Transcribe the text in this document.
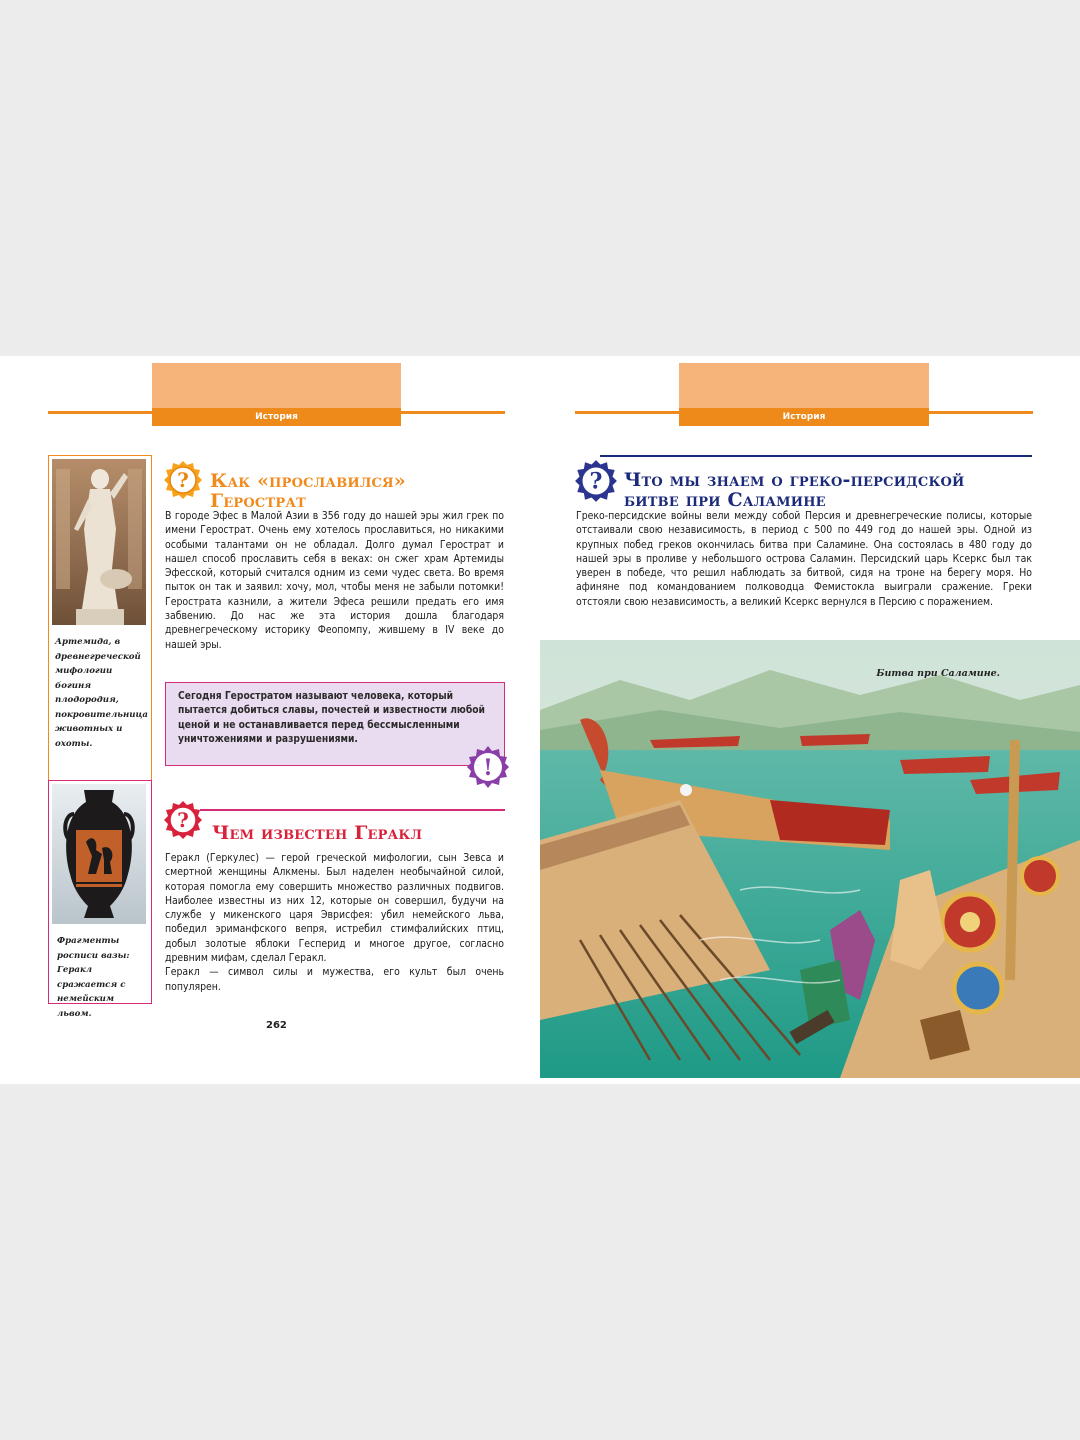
История
Артемида, в древнегреческой мифологии богиня плодородия, покровительница животных и охоты.
? Как «прославился»
Герострат
В городе Эфес в Малой Азии в 356 году до нашей эры жил грек по имени Герострат. Очень ему хотелось прославиться, но никакими особыми талантами он не обладал. Долго думал Герострат и нашел способ прославить себя в веках: он сжег храм Артемиды Эфесской, который считался одним из семи чудес света. Во время пыток он так и заявил: хочу, мол, чтобы меня не забыли потомки! Герострата казнили, а жители Эфеса решили предать его имя забвению. До нас же эта история дошла благодаря древнегреческому историку Феопомпу, жившему в IV веке до нашей эры.
Сегодня Геростратом называют человека, который пытается добиться славы, почестей и известности любой ценой и не останавливается перед бессмысленными уничтожениями и разрушениями.
!
Фрагменты росписи вазы: Геракл сражается с немейским львом.
?
Чем известен Геракл

Геракл (Геркулес) — герой греческой мифологии, сын Зевса и смертной женщины Алкмены. Был наделен необычайной силой, которая помогла ему совершить множество различных подвигов. Наиболее известны из них 12, которые он совершил, будучи на службе у микенского царя Эврисфея: убил немейского льва, победил эриманфского вепря, истребил стимфалийских птиц, добыл золотые яблоки Гесперид и многое другое, согласно древним мифам, сделал Геракл.

Геракл — символ силы и мужества, его культ был очень популярен.

262
История
? Что мы знаем о греко-персидской
битве при Саламине
Греко-персидские войны вели между собой Персия и древнегреческие полисы, которые отстаивали свою независимость, в период с 500 по 449 год до нашей эры. Одной из крупных побед греков окончилась битва при Саламине. Она состоялась в 480 году до нашей эры в проливе у небольшого острова Саламин. Персидский царь Ксеркс был так уверен в победе, что решил наблюдать за битвой, сидя на троне на берегу моря. Но афиняне под командованием полководца Фемистокла выиграли сражение. Греки отстояли свою независимость, а великий Ксеркс вернулся в Персию с поражением.
Битва при Саламине.
